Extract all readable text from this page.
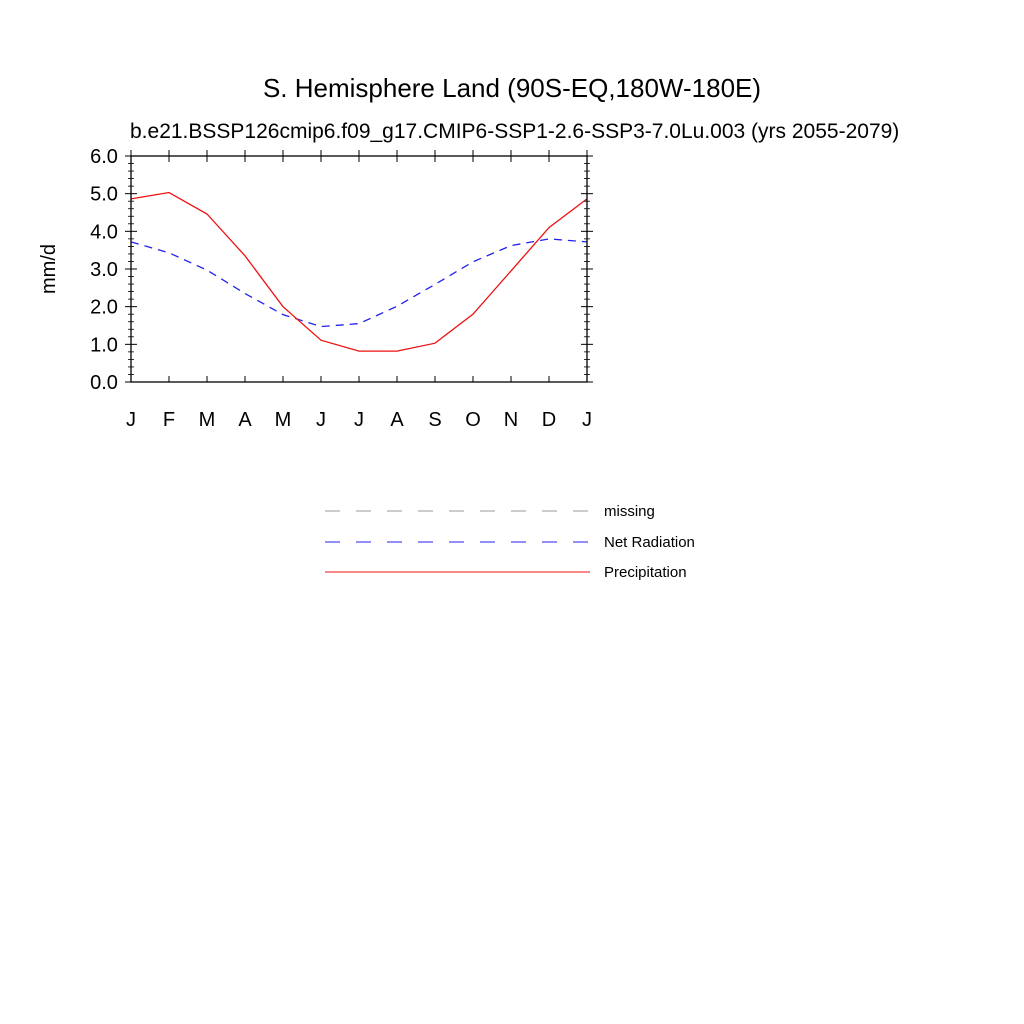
S. Hemisphere Land (90S-EQ,180W-180E)
b.e21.BSSP126cmip6.f09_g17.CMIP6-SSP1-2.6-SSP3-7.0Lu.003 (yrs 2055-2079)
mm/d
0.0
1.0
2.0
3.0
4.0
5.0
6.0
J F M A M J J A S O N D J
missing
Net Radiation
Precipitation
